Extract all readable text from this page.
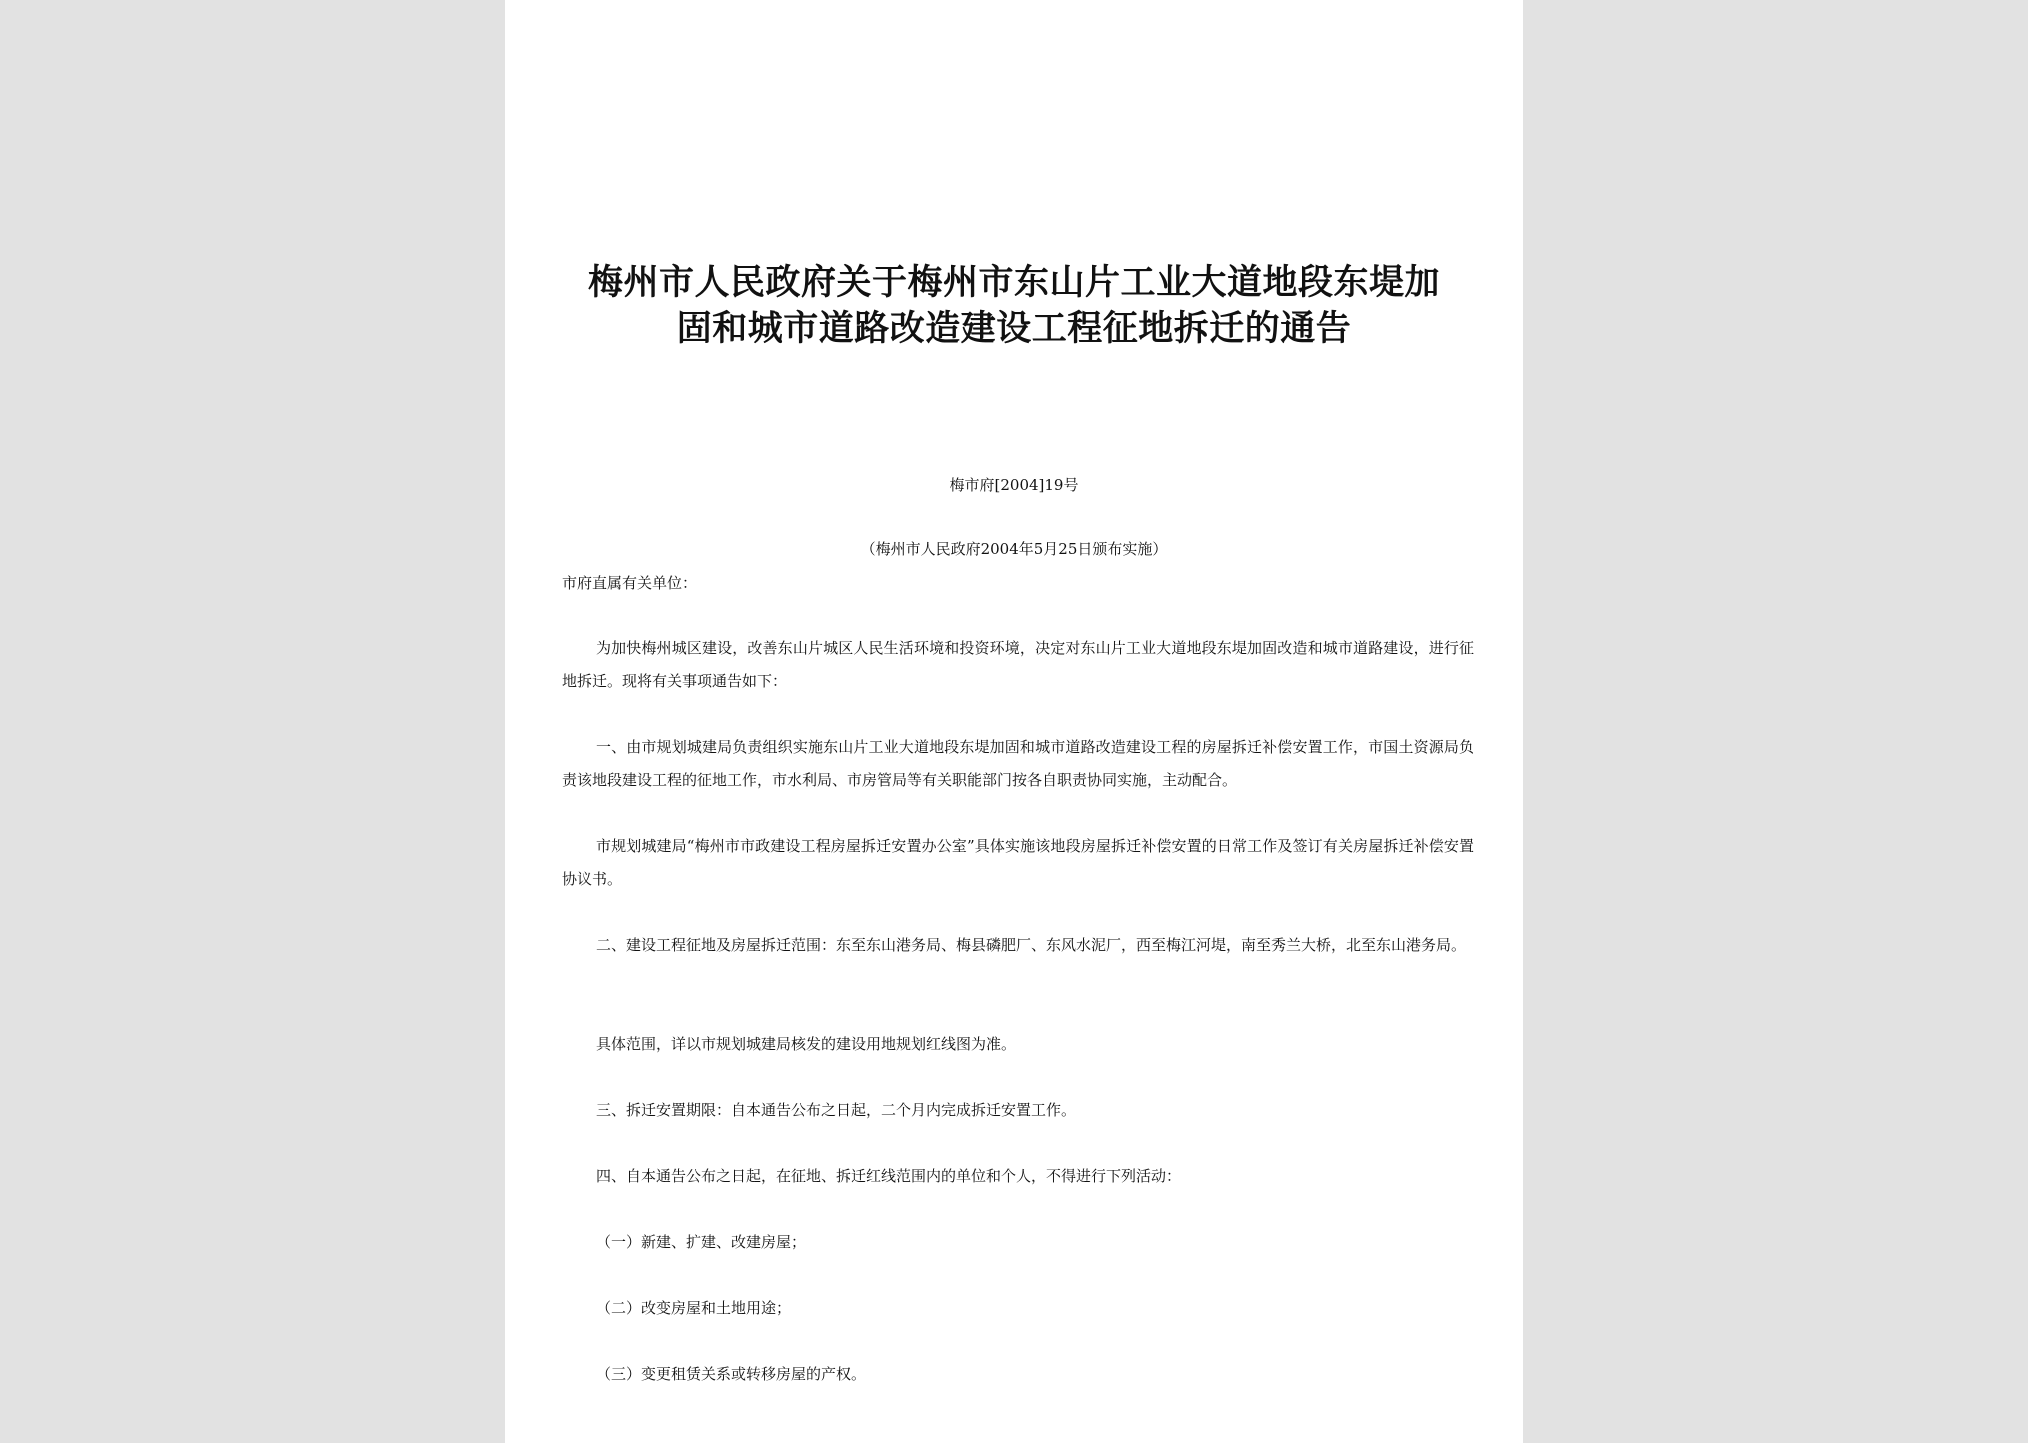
梅州市人民政府关于梅州市东山片工业大道地段东堤加
固和城市道路改造建设工程征地拆迁的通告
梅市府[2004]19号
（梅州市人民政府2004年5月25日颁布实施）
市府直属有关单位：
为加快梅州城区建设，改善东山片城区人民生活环境和投资环境，决定对东山片工业大道地段东堤加固改造和城市道路建设，进行征地拆迁。现将有关事项通告如下：
一、由市规划城建局负责组织实施东山片工业大道地段东堤加固和城市道路改造建设工程的房屋拆迁补偿安置工作，市国土资源局负责该地段建设工程的征地工作，市水利局、市房管局等有关职能部门按各自职责协同实施，主动配合。
市规划城建局“梅州市市政建设工程房屋拆迁安置办公室”具体实施该地段房屋拆迁补偿安置的日常工作及签订有关房屋拆迁补偿安置协议书。
二、建设工程征地及房屋拆迁范围：东至东山港务局、梅县磷肥厂、东风水泥厂，西至梅江河堤，南至秀兰大桥，北至东山港务局。
具体范围，详以市规划城建局核发的建设用地规划红线图为准。
三、拆迁安置期限：自本通告公布之日起，二个月内完成拆迁安置工作。
四、自本通告公布之日起，在征地、拆迁红线范围内的单位和个人，不得进行下列活动：
（一）新建、扩建、改建房屋；
（二）改变房屋和土地用途；
（三）变更租赁关系或转移房屋的产权。
